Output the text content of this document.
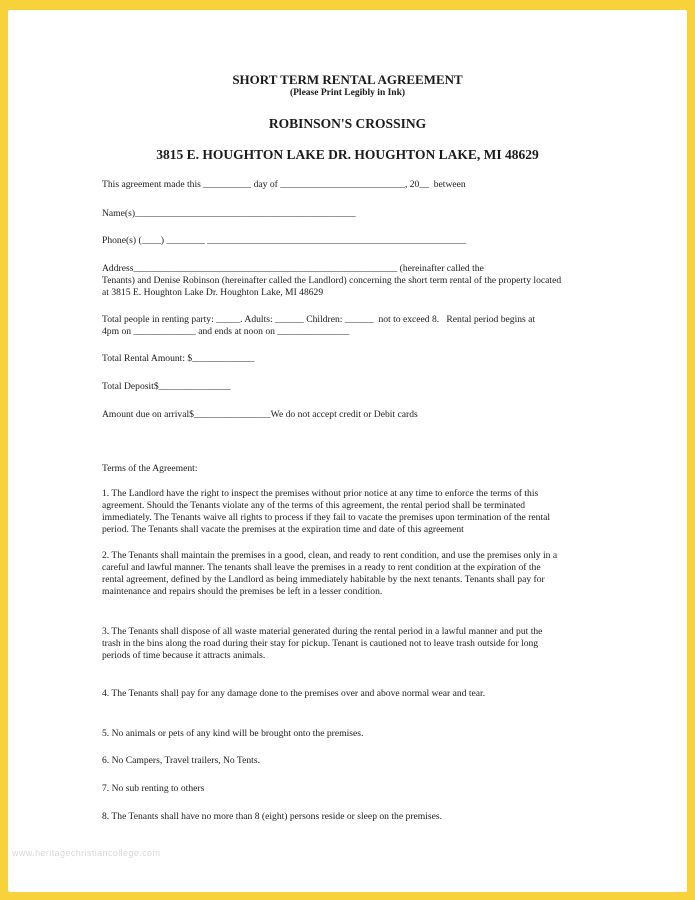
SHORT TERM RENTAL AGREEMENT
(Please Print Legibly in Ink)
ROBINSON'S CROSSING
3815 E. HOUGHTON LAKE DR. HOUGHTON LAKE, MI 48629
This agreement made this __________ day of __________________________, 20__  between
Name(s)______________________________________________
Phone(s) (____) ________ ______________________________________________________
Address_______________________________________________________ (hereinafter called the
Tenants) and Denise Robinson (hereinafter called the Landlord) concerning the short term rental of the property located
at 3815 E. Houghton Lake Dr. Houghton Lake, MI 48629
Total people in renting party: _____. Adults: ______ Children: ______  not to exceed 8.   Rental period begins at
4pm on _____________ and ends at noon on _______________
Total Rental Amount: $_____________
Total Deposit$_______________
Amount due on arrival$________________We do not accept credit or Debit cards
Terms of the Agreement:
1. The Landlord have the right to inspect the premises without prior notice at any time to enforce the terms of this
agreement. Should the Tenants violate any of the terms of this agreement, the rental period shall be terminated
immediately. The Tenants waive all rights to process if they fail to vacate the premises upon termination of the rental
period. The Tenants shall vacate the premises at the expiration time and date of this agreement
2. The Tenants shall maintain the premises in a good, clean, and ready to rent condition, and use the premises only in a
careful and lawful manner. The tenants shall leave the premises in a ready to rent condition at the expiration of the
rental agreement, defined by the Landlord as being immediately habitable by the next tenants. Tenants shall pay for
maintenance and repairs should the premises be left in a lesser condition.
3. The Tenants shall dispose of all waste material generated during the rental period in a lawful manner and put the
trash in the bins along the road during their stay for pickup. Tenant is cautioned not to leave trash outside for long
periods of time because it attracts animals.
4. The Tenants shall pay for any damage done to the premises over and above normal wear and tear.
5. No animals or pets of any kind will be brought onto the premises.
6. No Campers, Travel trailers, No Tents.
7. No sub renting to others
8. The Tenants shall have no more than 8 (eight) persons reside or sleep on the premises.
www.heritagechristiancollege.com
